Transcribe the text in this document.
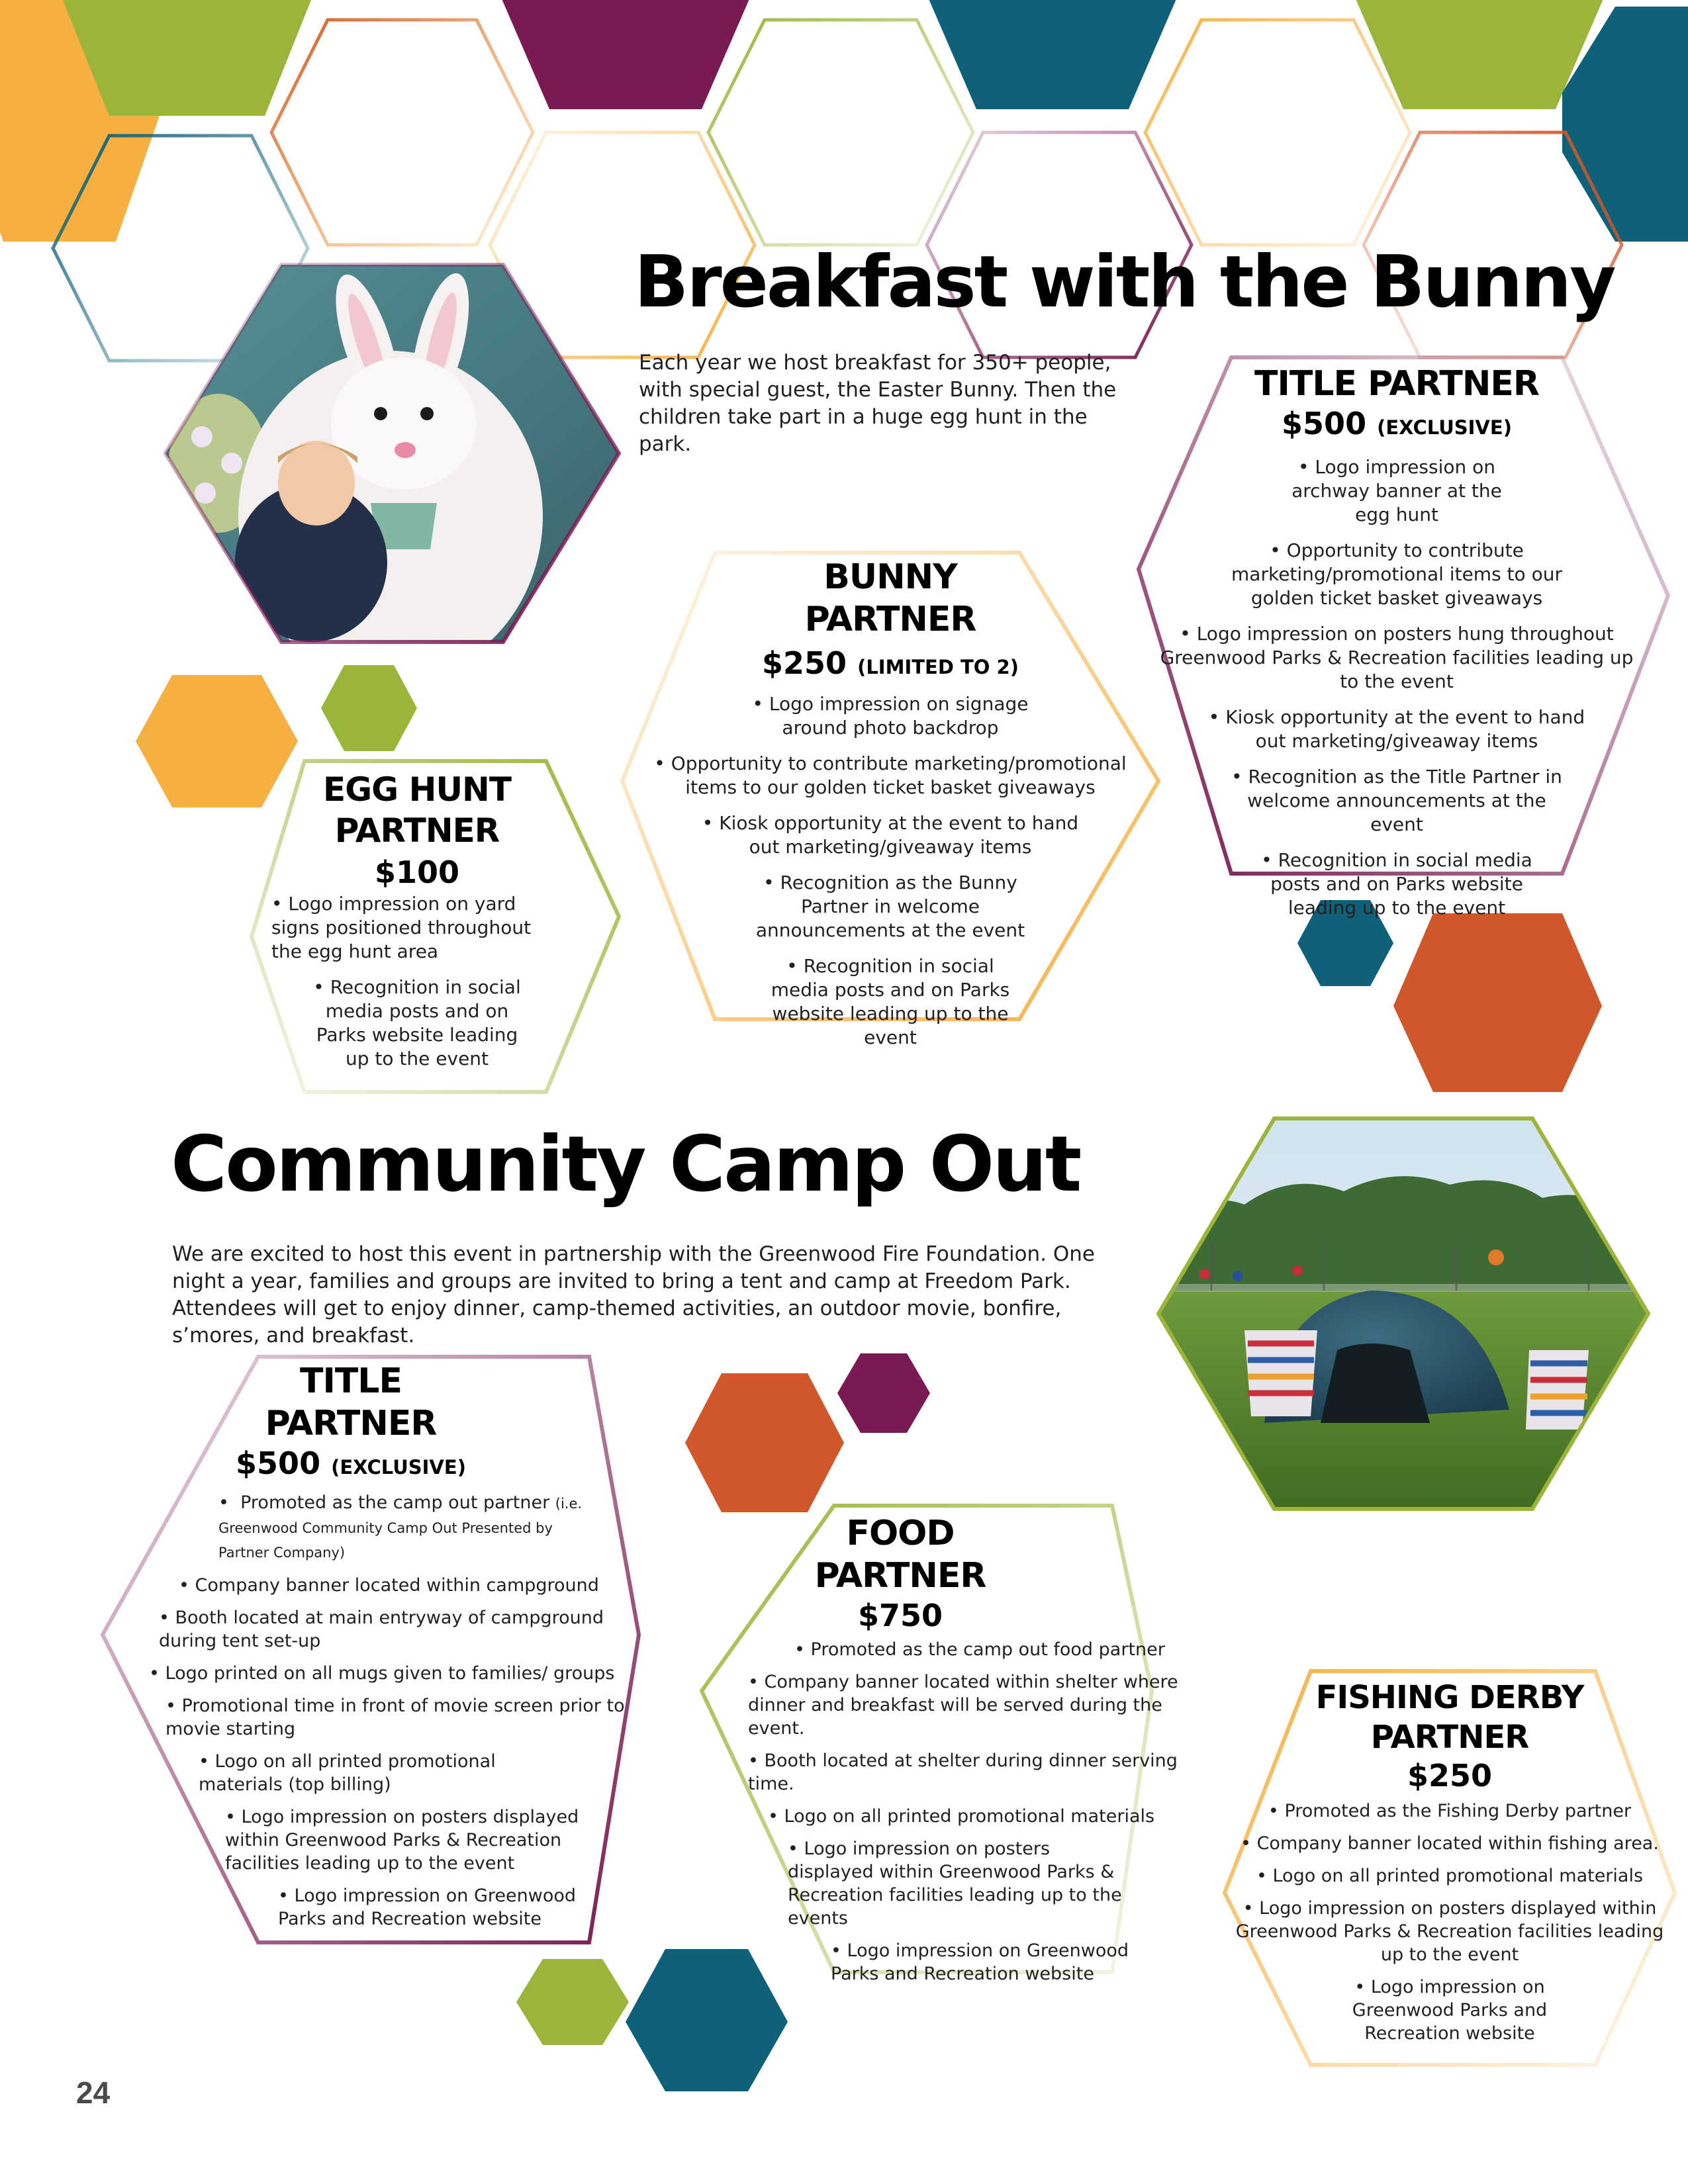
Breakfast with the Bunny

Each year we host breakfast for 350+ people, with special guest, the Easter Bunny. Then the children take part in a huge egg hunt in the park.

TITLE PARTNER

$500 (EXCLUSIVE)

• Logo impression on archway banner at the egg hunt
• Opportunity to contribute marketing/promotional items to our golden ticket basket giveaways
• Logo impression on posters hung throughout Greenwood Parks & Recreation facilities leading up to the event
• Kiosk opportunity at the event to hand out marketing/giveaway items
• Recognition as the Title Partner in welcome announcements at the event
• Recognition in social media posts and on Parks website leading up to the event

BUNNY

PARTNER

$250 (LIMITED TO 2)

• Logo impression on signage around photo backdrop
• Opportunity to contribute marketing/promotional items to our golden ticket basket giveaways
• Kiosk opportunity at the event to hand out marketing/giveaway items
• Recognition as the Bunny Partner in welcome announcements at the event
• Recognition in social media posts and on Parks website leading up to the event

EGG HUNT

PARTNER

$100

• Logo impression on yard signs positioned throughout the egg hunt area
• Recognition in social media posts and on Parks website leading up to the event
Community Camp Out

We are excited to host this event in partnership with the Greenwood Fire Foundation. One night a year, families and groups are invited to bring a tent and camp at Freedom Park. Attendees will get to enjoy dinner, camp-themed activities, an outdoor movie, bonfire, s’mores, and breakfast.

TITLE

PARTNER

$500 (EXCLUSIVE)

• Promoted as the camp out partner (i.e. Greenwood Community Camp Out Presented by Partner Company)
• Company banner located within campground
• Booth located at main entryway of campground during tent set-up
• Logo printed on all mugs given to families/ groups
• Promotional time in front of movie screen prior to movie starting
• Logo on all printed promotional materials (top billing)
• Logo impression on posters displayed within Greenwood Parks & Recreation facilities leading up to the event
• Logo impression on Greenwood Parks and Recreation website

FOOD

PARTNER

$750

• Promoted as the camp out food partner
• Company banner located within shelter where dinner and breakfast will be served during the event.
• Booth located at shelter during dinner serving time.
• Logo on all printed promotional materials
• Logo impression on posters displayed within Greenwood Parks & Recreation facilities leading up to the events
• Logo impression on Greenwood Parks and Recreation website

FISHING DERBY

PARTNER

$250

• Promoted as the Fishing Derby partner
• Company banner located within fishing area.
• Logo on all printed promotional materials
• Logo impression on posters displayed within Greenwood Parks & Recreation facilities leading up to the event
• Logo impression on Greenwood Parks and Recreation website
24
